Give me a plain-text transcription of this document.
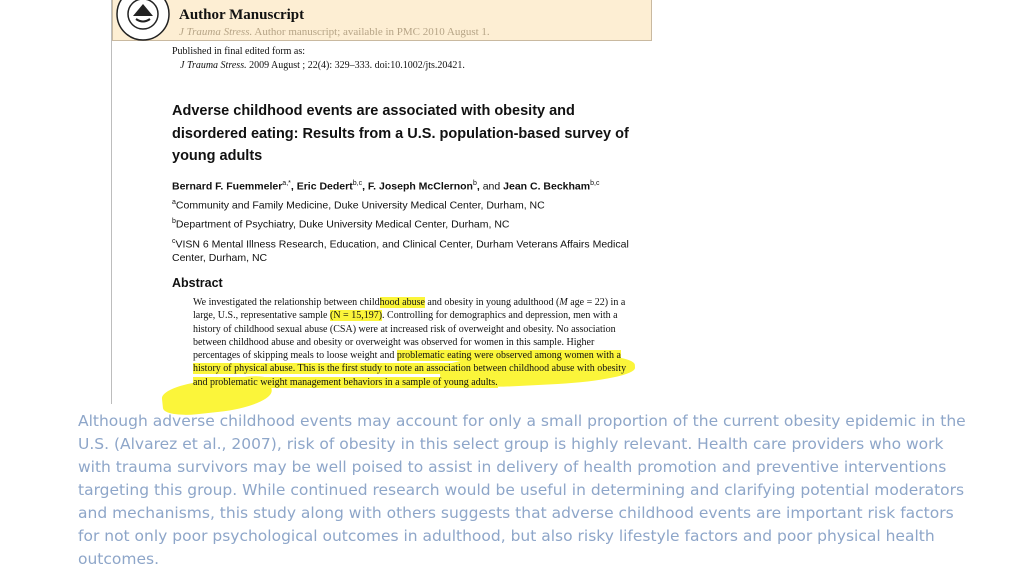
Author Manuscript
J Trauma Stress. Author manuscript; available in PMC 2010 August 1.
Published in final edited form as:
J Trauma Stress. 2009 August ; 22(4): 329–333. doi:10.1002/jts.20421.
Adverse childhood events are associated with obesity and disordered eating: Results from a U.S. population-based survey of young adults
Bernard F. Fuemmeler$^{a,*}$, Eric Dedert$^{b,c}$, F. Joseph McClernon$^b$, and Jean C. Beckham$^{b,c}$
$^a$Community and Family Medicine, Duke University Medical Center, Durham, NC
$^b$Department of Psychiatry, Duke University Medical Center, Durham, NC
$^c$VISN 6 Mental Illness Research, Education, and Clinical Center, Durham Veterans Affairs Medical Center, Durham, NC
Abstract
We investigated the relationship between childhood abuse and obesity in young adulthood (M age = 22) in a large, U.S., representative sample (N = 15,197). Controlling for demographics and depression, men with a history of childhood sexual abuse (CSA) were at increased risk of overweight and obesity. No association between childhood abuse and obesity or overweight was observed for women in this sample. Higher percentages of skipping meals to loose weight and problematic eating were observed among women with a history of physical abuse. This is the first study to note an association between childhood abuse with obesity and problematic weight management behaviors in a sample of young adults.
Although adverse childhood events may account for only a small proportion of the current obesity epidemic in the U.S. (Alvarez et al., 2007), risk of obesity in this select group is highly relevant. Health care providers who work with trauma survivors may be well poised to assist in delivery of health promotion and preventive interventions targeting this group. While continued research would be useful in determining and clarifying potential moderators and mechanisms, this study along with others suggests that adverse childhood events are important risk factors for not only poor psychological outcomes in adulthood, but also risky lifestyle factors and poor physical health outcomes.
